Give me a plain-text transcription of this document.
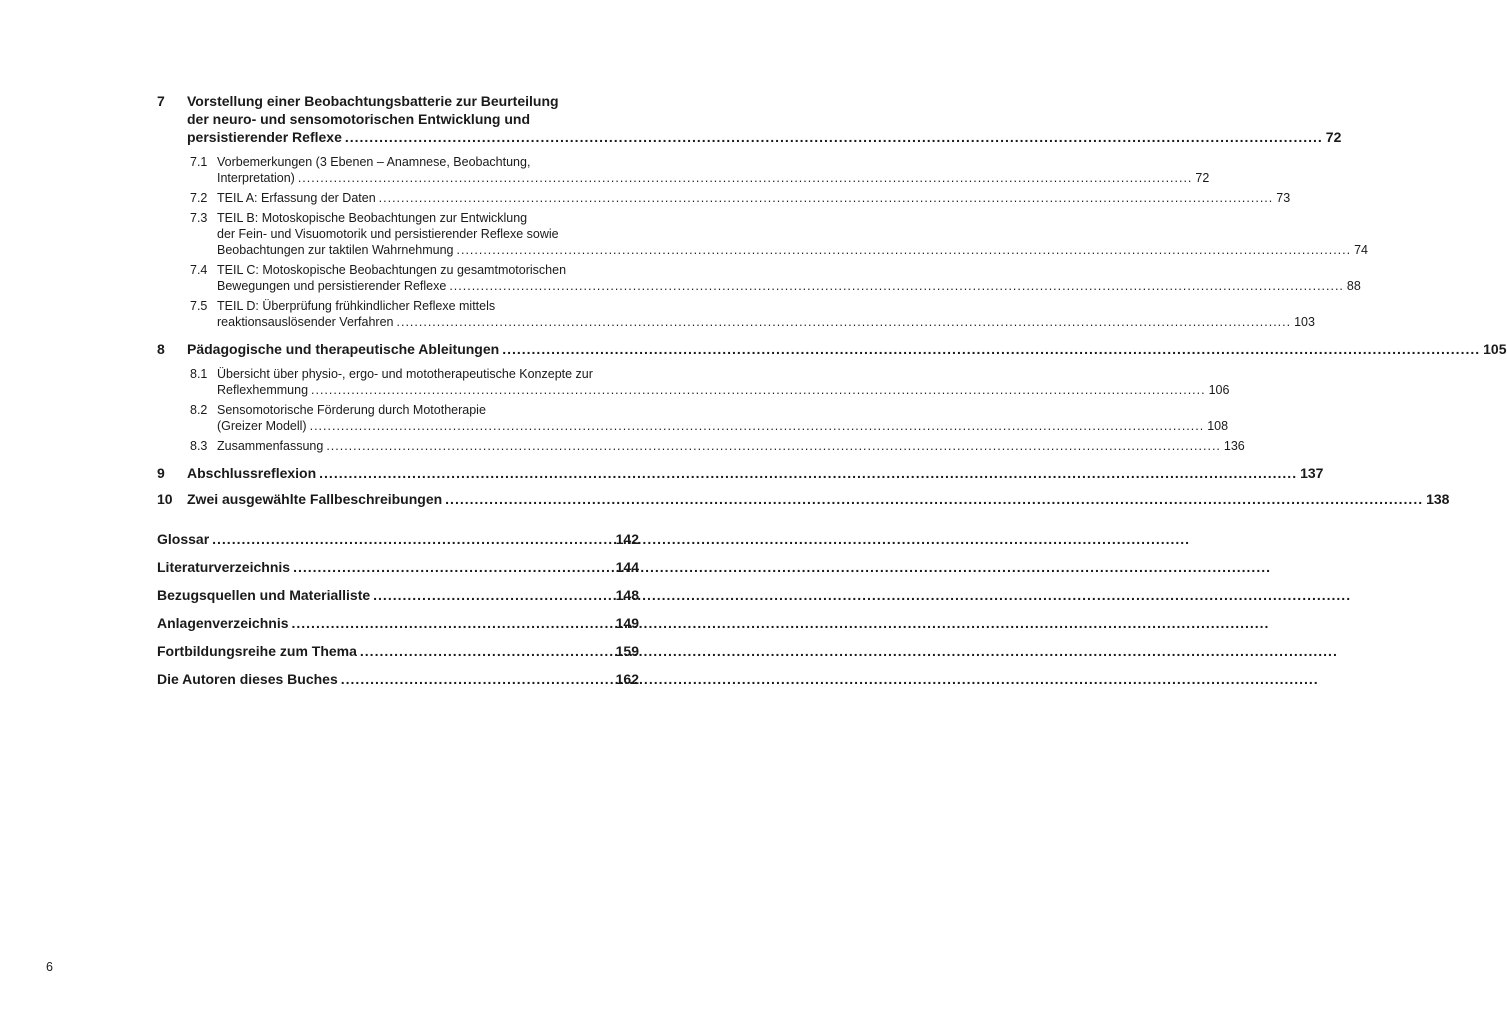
7	Vorstellung einer Beobachtungsbatterie zur Beurteilung
der neuro- und sensomotorischen Entwicklung und
persistierender Reflexe .....	72
7.1 Vorbemerkungen (3 Ebenen – Anamnese, Beobachtung,
Interpretation) .....	72
7.2 TEIL A: Erfassung der Daten .....	73
7.3 TEIL B: Motoskopische Beobachtungen zur Entwicklung
der Fein- und Visuomotorik und persistierender Reflexe sowie
Beobachtungen zur taktilen Wahrnehmung .....	74
7.4 TEIL C: Motoskopische Beobachtungen zu gesamtmotorischen
Bewegungen und persistierender Reflexe .....	88
7.5 TEIL D: Überprüfung frühkindlicher Reflexe mittels
reaktionsauslösender Verfahren .....	103
8	Pädagogische und therapeutische Ableitungen .....	105
8.1 Übersicht über physio-, ergo- und mototherapeutische Konzepte zur
Reflexhemmung .....	106
8.2 Sensomotorische Förderung durch Mototherapie
(Greizer Modell) .....	108
8.3 Zusammenfassung .....	136
9	Abschlussreflexion .....	137
10	Zwei ausgewählte Fallbeschreibungen .....	138
Glossar .....	142
Literaturverzeichnis .....	144
Bezugsquellen und Materialliste .....	148
Anlagenverzeichnis .....	149
Fortbildungsreihe zum Thema .....	159
Die Autoren dieses Buches .....	162
6
